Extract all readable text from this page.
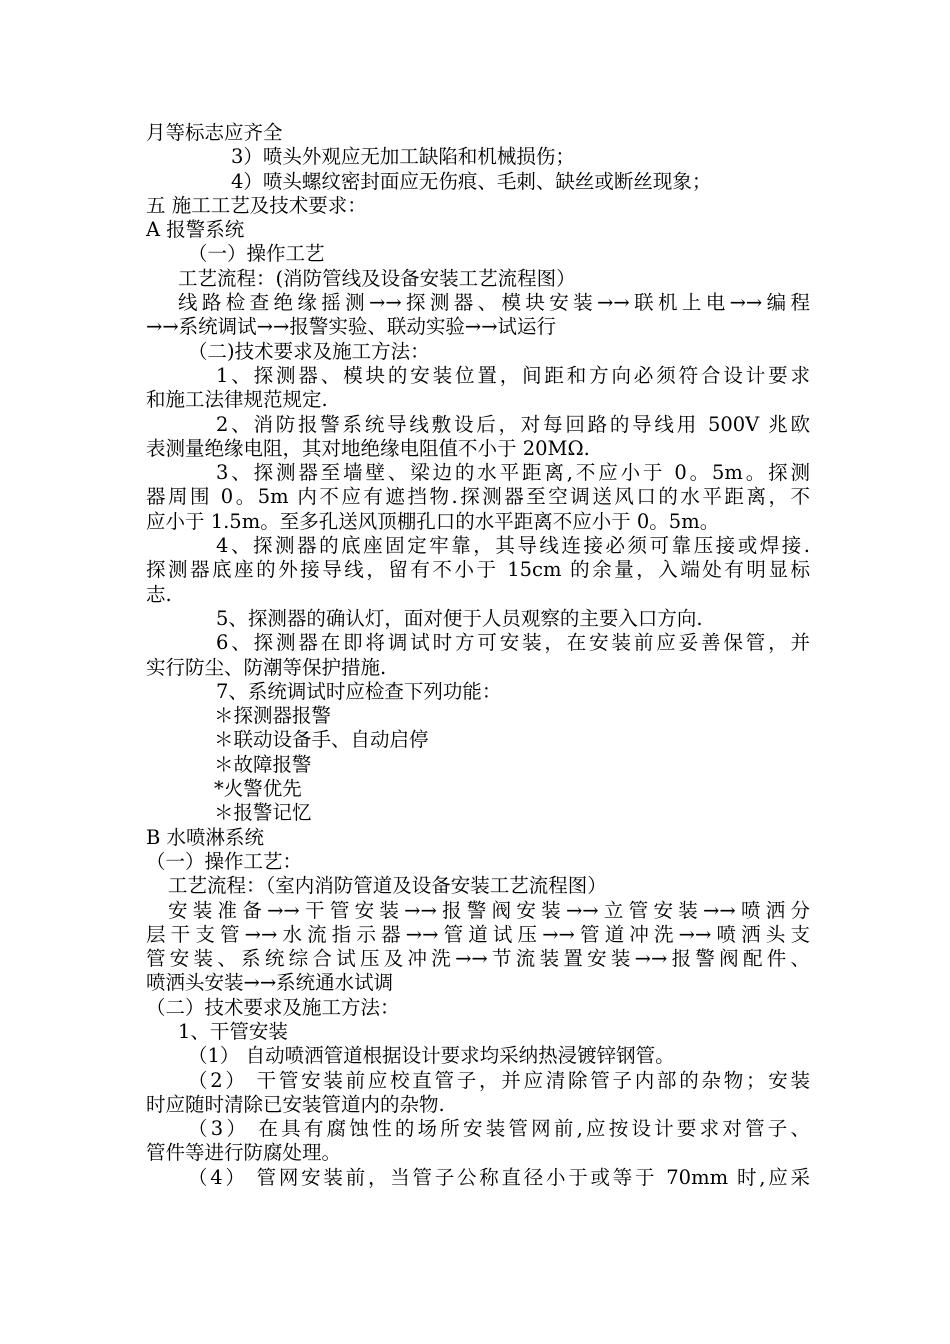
月等标志应齐全
3）喷头外观应无加工缺陷和机械损伤；
4）喷头螺纹密封面应无伤痕、毛刺、缺丝或断丝现象；
五 施工工艺及技术要求：
A 报警系统
（一）操作工艺
工艺流程：(消防管线及设备安装工艺流程图）
线路检查绝缘摇测→→探测器、模块安装→→联机上电→→编程
→→系统调试→→报警实验、联动实验→→试运行
（二)技术要求及施工方法：
1、探测器、模块的安装位置，间距和方向必须符合设计要求
和施工法律规范规定.
2、消防报警系统导线敷设后，对每回路的导线用 500V 兆欧
表测量绝缘电阻，其对地绝缘电阻值不小于 20MΩ.
3、探测器至墙壁、梁边的水平距离,不应小于 0。5m。探测
器周围 0。5m 内不应有遮挡物.探测器至空调送风口的水平距离，不
应小于 1.5m。至多孔送风顶棚孔口的水平距离不应小于 0。5m。
4、探测器的底座固定牢靠，其导线连接必须可靠压接或焊接.
探测器底座的外接导线，留有不小于 15cm 的余量，入端处有明显标
志.
5、探测器的确认灯，面对便于人员观察的主要入口方向.
6、探测器在即将调试时方可安装，在安装前应妥善保管，并
实行防尘、防潮等保护措施.
7、系统调试时应检查下列功能：
＊探测器报警
＊联动设备手、自动启停
＊故障报警
*火警优先
＊报警记忆
B 水喷淋系统
（一）操作工艺：
工艺流程：（室内消防管道及设备安装工艺流程图）
安装准备→→干管安装→→报警阀安装→→立管安装→→喷洒分
层干支管→→水流指示器→→管道试压→→管道冲洗→→喷洒头支
管安装、系统综合试压及冲洗→→节流装置安装→→报警阀配件、
喷洒头安装→→系统通水试调
（二）技术要求及施工方法：
1、干管安装
（1） 自动喷洒管道根据设计要求均采纳热浸镀锌钢管。
（2） 干管安装前应校直管子，并应清除管子内部的杂物；安装
时应随时清除已安装管道内的杂物.
（3） 在具有腐蚀性的场所安装管网前,应按设计要求对管子、
管件等进行防腐处理。
（4） 管网安装前，当管子公称直径小于或等于 70mm 时,应采
